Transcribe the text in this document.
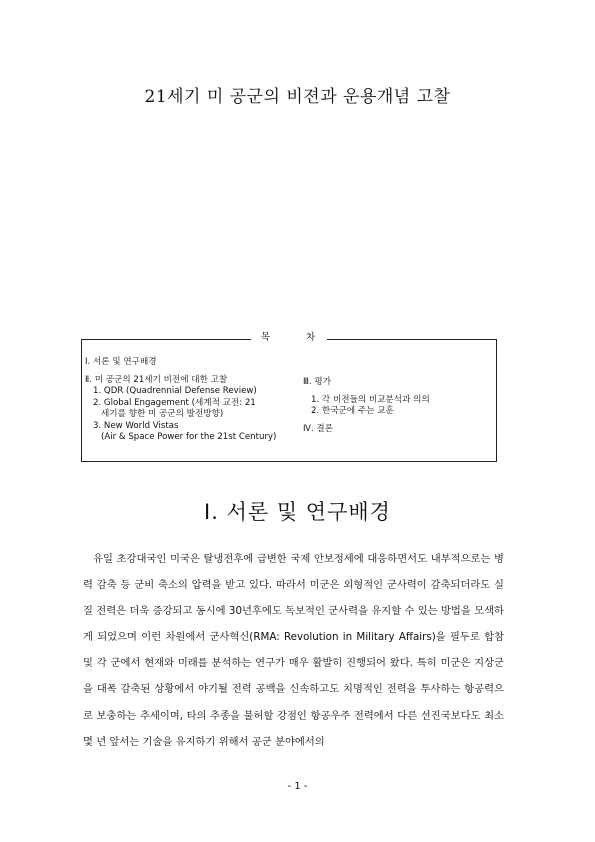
21세기 미 공군의 비젼과 운용개념 고찰
목	차

Ⅰ. 서론 및 연구배경

Ⅱ. 미 공군의 21세기 비전에 대한 고찰

1. QDR (Quadrennial Defense Review)

2. Global Engagement (세계적 교전: 21

세기를 향한 미 공군의 발전방향)

3. New World Vistas

(Air & Space Power for the 21st Century)

Ⅲ. 평가

1. 각 비전들의 비교분석과 의의

2. 한국군에 주는 교훈

Ⅳ. 결론

Ⅰ. 서론 및 연구배경

유일 초강대국인 미국은 탈냉전후에 급변한 국제 안보정세에 대응하면서도 내부적으로는 병력 감축 등 군비 축소의 압력을 받고 있다. 따라서 미군은 외형적인 군사력이 감축되더라도 실질 전력은 더욱 증강되고 동시에 30년후에도 독보적인 군사력을 유지할 수 있는 방법을 모색하게 되었으며 이런 차원에서 군사혁신(RMA: Revolution in Military Affairs)을 필두로 합참 및 각 군에서 현재와 미래를 분석하는 연구가 매우 활발히 진행되어 왔다. 특히 미군은 지상군을 대폭 감축된 상황에서 야기될 전력 공백을 신속하고도 치명적인 전력을 투사하는 항공력으로 보충하는 추세이며, 타의 추종을 불허할 강점인 항공우주 전력에서 다른 선진국보다도 최소 몇 년 앞서는 기술을 유지하기 위해서 공군 분야에서의

- 1 -
